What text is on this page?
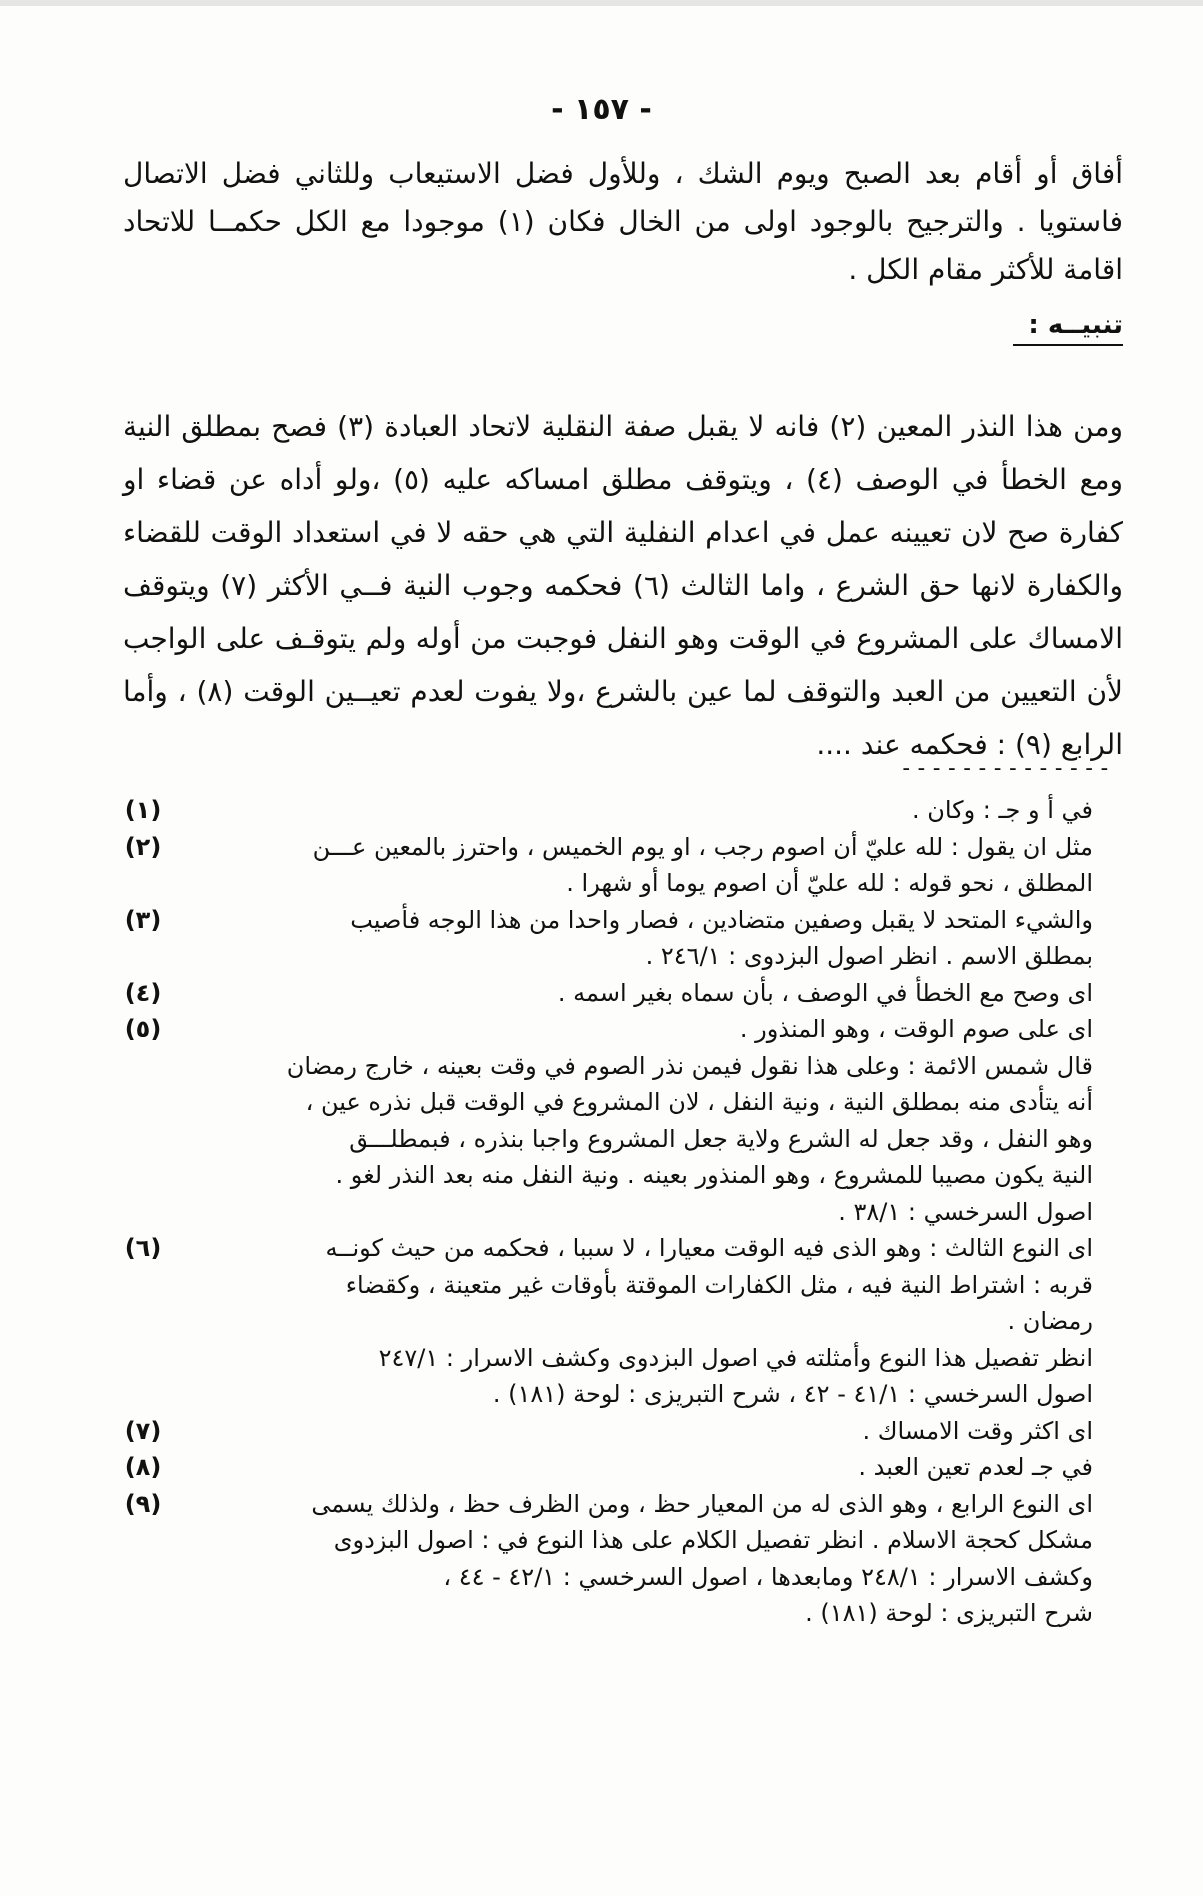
- ١٥٧ -

أفاق أو أقام بعد الصبح ويوم الشك ، وللأول فضل الاستيعاب وللثاني فضل الاتصال فاستويا . والترجيح بالوجود اولى من الخال فكان (١) موجودا مع الكل حكمــا للاتحاد اقامة للأكثر مقام الكل .

تنبيــه :

ومن هذا النذر المعين (٢) فانه لا يقبل صفة النقلية لاتحاد العبادة (٣) فصح بمطلق النية ومع الخطأ في الوصف (٤) ، ويتوقف مطلق امساكه عليه (٥) ،ولو أداه عن قضاء او كفارة صح لان تعيينه عمل في اعدام النفلية التي هي حقه لا في استعداد الوقت للقضاء والكفارة لانها حق الشرع ، واما الثالث (٦) فحكمه وجوب النية فــي الأكثر (٧) ويتوقف الامساك على المشروع في الوقت وهو النفل فوجبت من أوله ولم يتوقـف على الواجب لأن التعيين من العبد والتوقف لما عين بالشرع ،ولا يفوت لعدم تعيــين الوقت (٨) ، وأما الرابع (٩) : فحكمه عند ....

--------------
في أ و جـ : وكان .
(١)
مثل ان يقول : لله عليّ أن اصوم رجب ، او يوم الخميس ، واحترز بالمعين عـــن
المطلق ، نحو قوله : لله عليّ أن اصوم يوما أو شهرا .
(٢)
والشيء المتحد لا يقبل وصفين متضادين ، فصار واحدا من هذا الوجه فأصيب
بمطلق الاسم . انظر اصول البزدوى : ٢٤٦/١ .
(٣)
اى وصح مع الخطأ في الوصف ، بأن سماه بغير اسمه .
(٤)
اى على صوم الوقت ، وهو المنذور .
قال شمس الائمة : وعلى هذا نقول فيمن نذر الصوم في وقت بعينه ، خارج رمضان
أنه يتأدى منه بمطلق النية ، ونية النفل ، لان المشروع في الوقت قبل نذره عين ،
وهو النفل ، وقد جعل له الشرع ولاية جعل المشروع واجبا بنذره ، فبمطلـــق
النية يكون مصيبا للمشروع ، وهو المنذور بعينه . ونية النفل منه بعد النذر لغو .
اصول السرخسي : ٣٨/١ .
(٥)
اى النوع الثالث : وهو الذى فيه الوقت معيارا ، لا سببا ، فحكمه من حيث كونــه
قربه : اشتراط النية فيه ، مثل الكفارات الموقتة بأوقات غير متعينة ، وكقضاء
رمضان .
انظر تفصيل هذا النوع وأمثلته في اصول البزدوى وكشف الاسرار : ٢٤٧/١
اصول السرخسي : ٤١/١ - ٤٢ ، شرح التبريزى : لوحة (١٨١) .
(٦)
اى اكثر وقت الامساك .
(٧)
في جـ لعدم تعين العبد .
(٨)
اى النوع الرابع ، وهو الذى له من المعيار حظ ، ومن الظرف حظ ، ولذلك يسمى
مشكل كحجة الاسلام . انظر تفصيل الكلام على هذا النوع في : اصول البزدوى
وكشف الاسرار : ٢٤٨/١ ومابعدها ، اصول السرخسي : ٤٢/١ - ٤٤ ،
شرح التبريزى : لوحة (١٨١) .
(٩)
